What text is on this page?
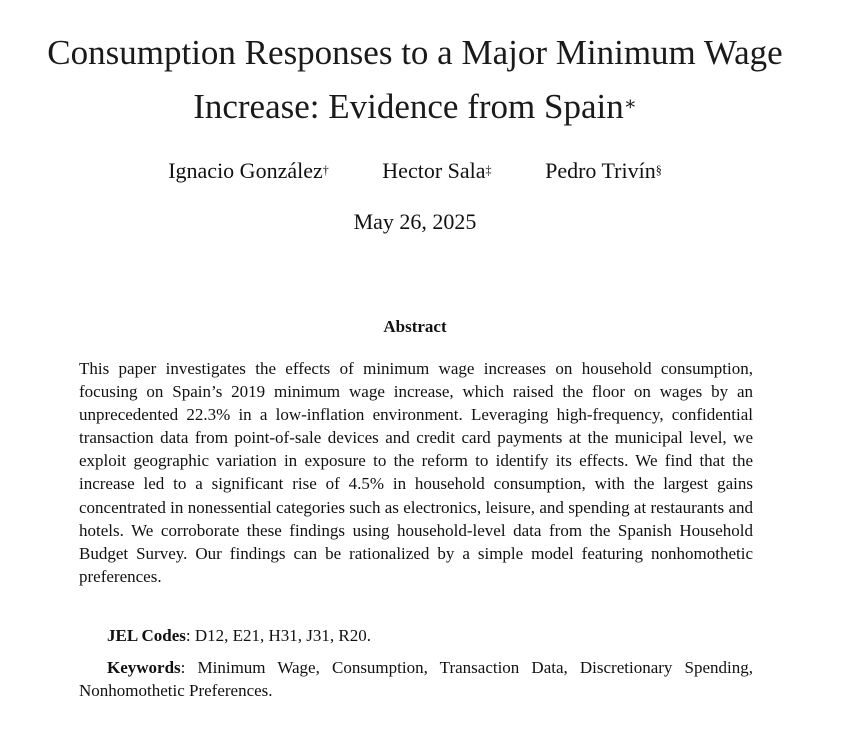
Consumption Responses to a Major Minimum Wage
Increase: Evidence from Spain∗
Ignacio González† Hector Sala‡ Pedro Trivín§
May 26, 2025
Abstract

This paper investigates the effects of minimum wage increases on household consumption, focusing on Spain’s 2019 minimum wage increase, which raised the floor on wages by an unprecedented 22.3% in a low-inflation environment. Leveraging high-frequency, confidential transaction data from point-of-sale devices and credit card payments at the municipal level, we exploit geographic variation in exposure to the reform to identify its effects. We find that the increase led to a significant rise of 4.5% in household consumption, with the largest gains concentrated in nonessential categories such as electronics, leisure, and spending at restaurants and hotels. We corroborate these findings using household-level data from the Spanish Household Budget Survey. Our findings can be rationalized by a simple model featuring nonhomothetic preferences.

JEL Codes: D12, E21, H31, J31, R20.

Keywords: Minimum Wage, Consumption, Transaction Data, Discretionary Spending, Nonhomothetic Preferences.
